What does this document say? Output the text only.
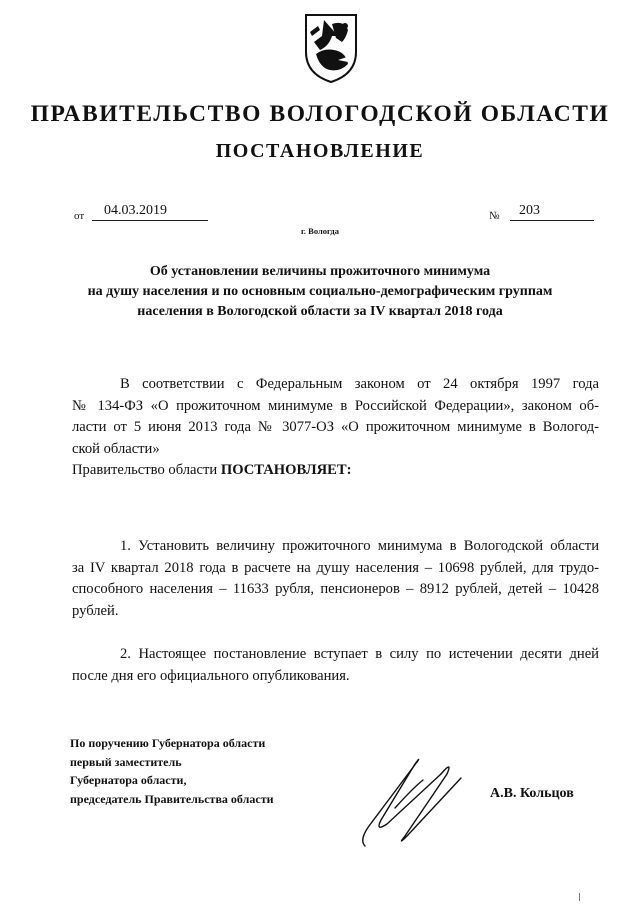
ПРАВИТЕЛЬСТВО ВОЛОГОДСКОЙ ОБЛАСТИ
ПОСТАНОВЛЕНИЕ
от 04.03.2019	№ 203
г. Вологда
Об установлении величины прожиточного минимума
на душу населения и по основным социально-демографическим группам
населения в Вологодской области за IV квартал 2018 года
В соответствии с Федеральным законом от 24 октября 1997 года
№ 134-ФЗ «О прожиточном минимуме в Российской Федерации», законом об-
ласти от 5 июня 2013 года № 3077-ОЗ «О прожиточном минимуме в Вологод-
ской области»
Правительство области ПОСТАНОВЛЯЕТ:
1. Установить величину прожиточного минимума в Вологодской области
за IV квартал 2018 года в расчете на душу населения – 10698 рублей, для трудо-
способного населения – 11633 рубля, пенсионеров – 8912 рублей, детей – 10428
рублей.
2. Настоящее постановление вступает в силу по истечении десяти дней
после дня его официального опубликования.
По поручению Губернатора области
первый заместитель
Губернатора области,
председатель Правительства области	А.В. Кольцов
